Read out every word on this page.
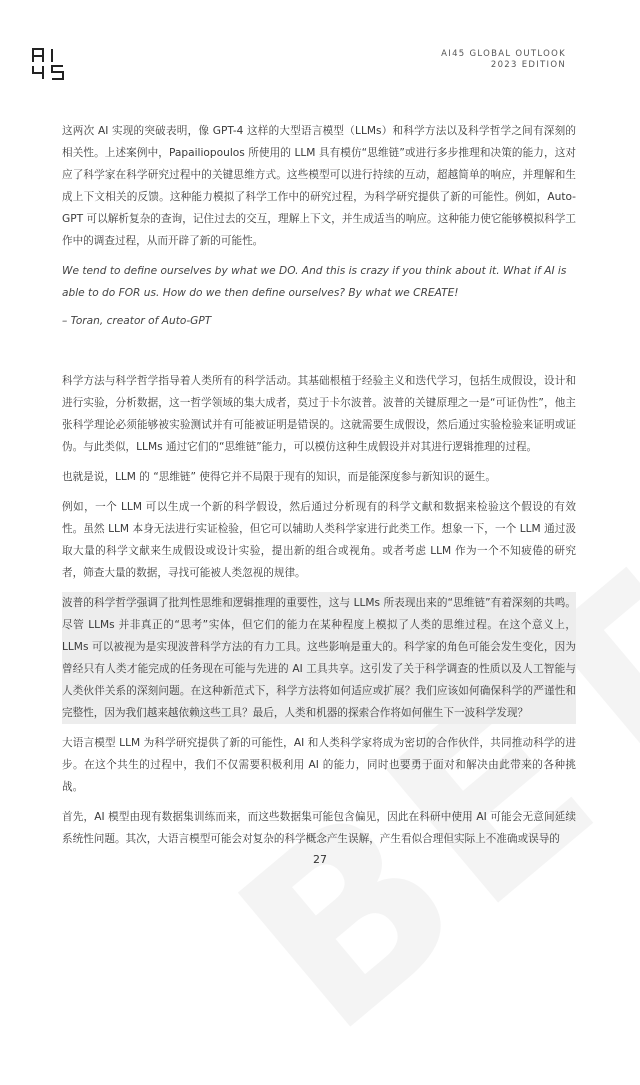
AI45 GLOBAL OUTLOOK
2023 EDITION

这两次 AI 实现的突破表明，像 GPT-4 这样的大型语言模型（LLMs）和科学方法以及科学哲学之间有深刻的相关性。上述案例中，Papailiopoulos 所使用的 LLM 具有模仿“思维链”或进行多步推理和决策的能力，这对应了科学家在科学研究过程中的关键思维方式。这些模型可以进行持续的互动，超越简单的响应，并理解和生成上下文相关的反馈。这种能力模拟了科学工作中的研究过程，为科学研究提供了新的可能性。例如，Auto-GPT 可以解析复杂的查询，记住过去的交互，理解上下文，并生成适当的响应。这种能力使它能够模拟科学工作中的调查过程，从而开辟了新的可能性。

We tend to define ourselves by what we DO. And this is crazy if you think about it. What if AI is able to do FOR us. How do we then define ourselves? By what we CREATE!

– Toran, creator of Auto-GPT

科学方法与科学哲学指导着人类所有的科学活动。其基础根植于经验主义和迭代学习，包括生成假设，设计和进行实验，分析数据，这一哲学领域的集大成者，莫过于卡尔波普。波普的关键原理之一是“可证伪性”，他主张科学理论必须能够被实验测试并有可能被证明是错误的。这就需要生成假设，然后通过实验检验来证明或证伪。与此类似，LLMs 通过它们的“思维链”能力，可以模仿这种生成假设并对其进行逻辑推理的过程。

也就是说，LLM 的 “思维链” 使得它并不局限于现有的知识，而是能深度参与新知识的诞生。

例如，一个 LLM 可以生成一个新的科学假设，然后通过分析现有的科学文献和数据来检验这个假设的有效性。虽然 LLM 本身无法进行实证检验，但它可以辅助人类科学家进行此类工作。想象一下，一个 LLM 通过汲取大量的科学文献来生成假设或设计实验，提出新的组合或视角。或者考虑 LLM 作为一个不知疲倦的研究者，筛查大量的数据，寻找可能被人类忽视的规律。

波普的科学哲学强调了批判性思维和逻辑推理的重要性，这与 LLMs 所表现出来的“思维链”有着深刻的共鸣。尽管 LLMs 并非真正的“思考”实体，但它们的能力在某种程度上模拟了人类的思维过程。在这个意义上，LLMs 可以被视为是实现波普科学方法的有力工具。这些影响是重大的。科学家的角色可能会发生变化，因为曾经只有人类才能完成的任务现在可能与先进的 AI 工具共享。这引发了关于科学调查的性质以及人工智能与人类伙伴关系的深刻问题。在这种新范式下，科学方法将如何适应或扩展？我们应该如何确保科学的严谨性和完整性，因为我们越来越依赖这些工具？最后，人类和机器的探索合作将如何催生下一波科学发现？

大语言模型 LLM 为科学研究提供了新的可能性，AI 和人类科学家将成为密切的合作伙伴，共同推动科学的进步。在这个共生的过程中，我们不仅需要积极利用 AI 的能力，同时也要勇于面对和解决由此带来的各种挑战。

首先，AI 模型由现有数据集训练而来，而这些数据集可能包含偏见，因此在科研中使用 AI 可能会无意间延续系统性问题。其次，大语言模型可能会对复杂的科学概念产生误解，产生看似合理但实际上不准确或误导的

27
